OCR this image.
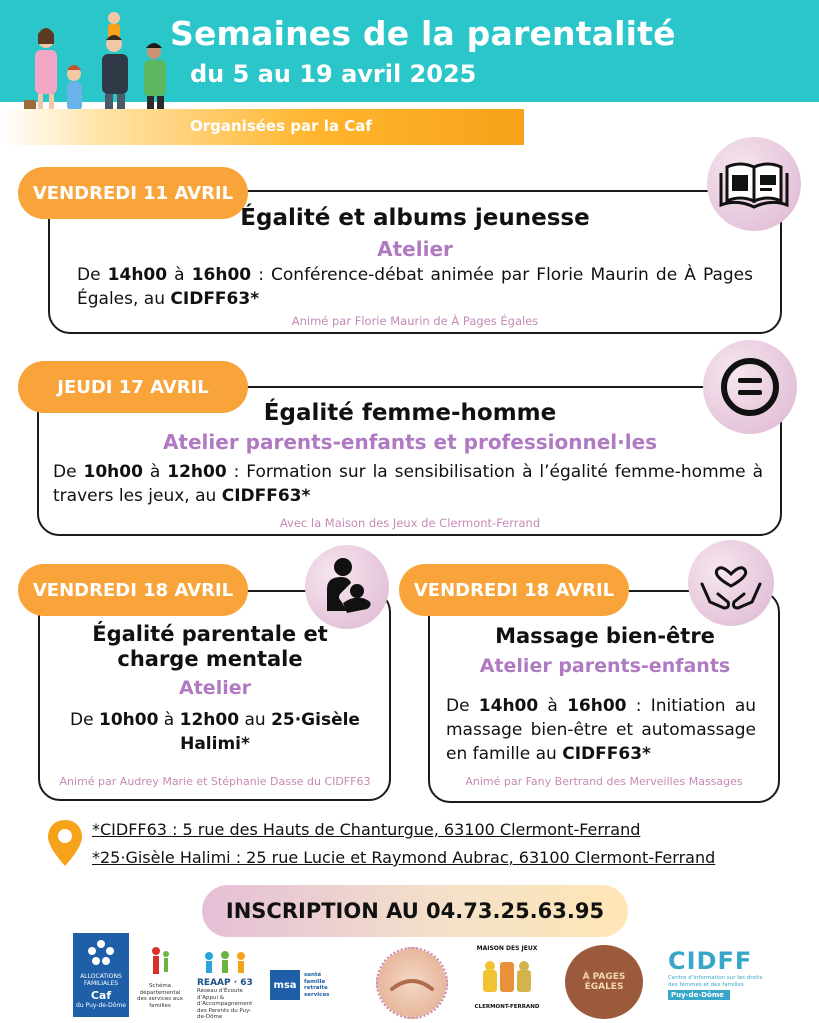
Semaines de la parentalité
du 5 au 19 avril 2025
Organisées par la Caf
VENDREDI 11 AVRIL
Égalité et albums jeunesse
Atelier
De 14h00 à 16h00 : Conférence-débat animée par Florie Maurin de À Pages Égales, au CIDFF63*
Animé par Florie Maurin de À Pages Égales
JEUDI 17 AVRIL
Égalité femme-homme
Atelier parents-enfants et professionnel·les
De 10h00 à 12h00 : Formation sur la sensibilisation à l’égalité femme-homme à travers les jeux, au CIDFF63*
Avec la Maison des Jeux de Clermont-Ferrand
VENDREDI 18 AVRIL
Égalité parentale et charge mentale
Atelier
De 10h00 à 12h00 au 25·Gisèle Halimi*
Animé par Audrey Marie et Stéphanie Dasse du CIDFF63
VENDREDI 18 AVRIL
Massage bien-être
Atelier parents-enfants
De 14h00 à 16h00 : Initiation au massage bien-être et automassage en famille au CIDFF63*
Animé par Fany Bertrand des Merveilles Massages
*CIDFF63 : 5 rue des Hauts de Chanturgue, 63100 Clermont-Ferrand
*25·Gisèle Halimi : 25 rue Lucie et Raymond Aubrac, 63100 Clermont-Ferrand
INSCRIPTION AU 04.73.25.63.95
ALLOCATIONS
FAMILIALES
Caf
du Puy-de-Dôme
Schéma départemental des services aux familles
REAAP · 63
Réseau d’Écoute d’Appui & d’Accompagnement des Parents du Puy-de-Dôme
msa
santé famille retraite services
MAISON DES JEUX
CLERMONT-FERRAND
À PAGES ÉGALES
CIDFF
Centre d’information sur les droits des femmes et des familles
Puy-de-Dôme
